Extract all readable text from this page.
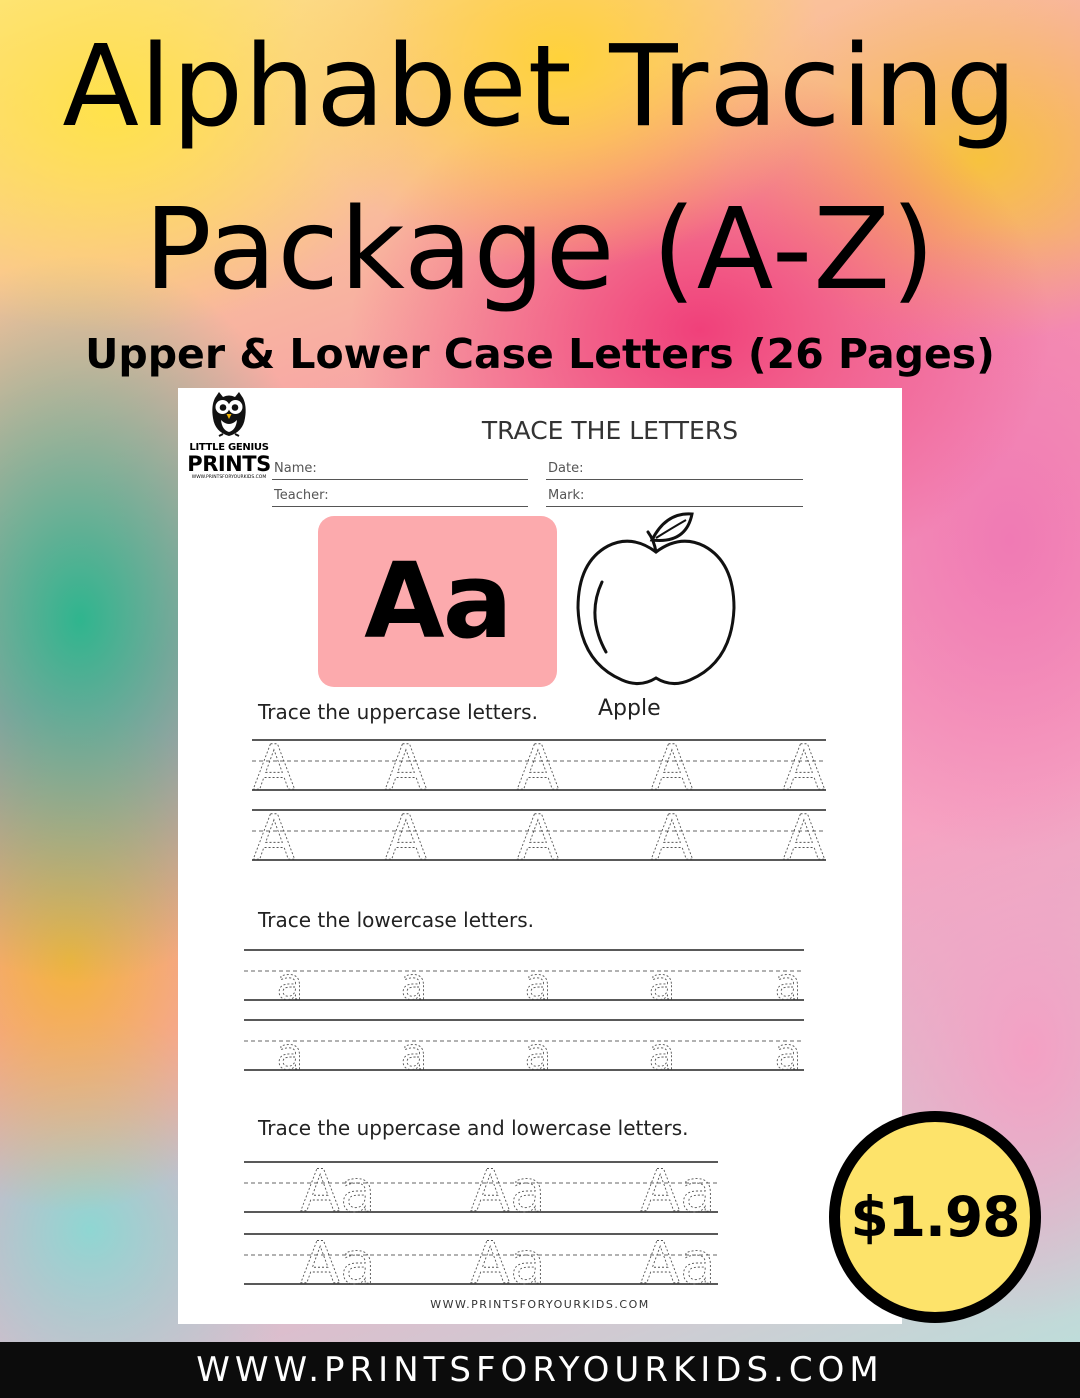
Alphabet Tracing
Package (A-Z)
Upper & Lower Case Letters (26 Pages)
LITTLE GENIUS
PRINTS
WWW.PRINTSFORYOURKIDS.COM
TRACE THE LETTERS
Name:	Date:
Teacher:	Mark:
Aa
Apple
Trace the uppercase letters.
Trace the lowercase letters.
Trace the uppercase and lowercase letters.
A A A A A
A A A A A
a a a a a
a a a a a
Aa Aa Aa
Aa Aa Aa
WWW.PRINTSFORYOURKIDS.COM
$1.98
WWW.PRINTSFORYOURKIDS.COM
